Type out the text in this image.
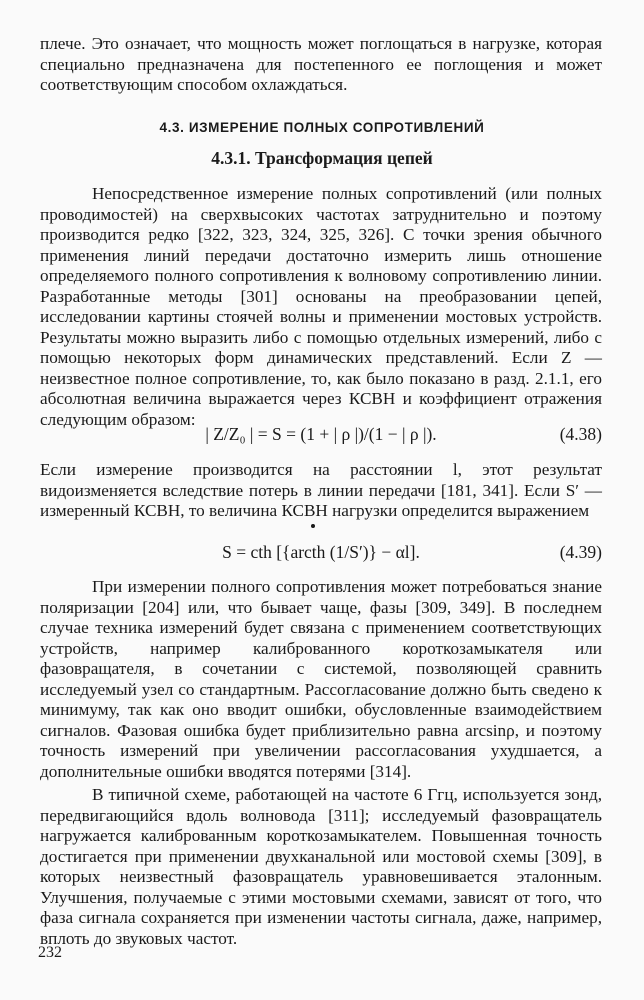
плече. Это означает, что мощность может поглощаться в нагрузке, которая специально предназначена для постепенного ее поглощения и может соответствующим способом охлаждаться.

4.3. ИЗМЕРЕНИЕ ПОЛНЫХ СОПРОТИВЛЕНИЙ
4.3.1. Трансформация цепей

Непосредственное измерение полных сопротивлений (или полных проводимостей) на сверхвысоких частотах затруднительно и поэтому производится редко [322, 323, 324, 325, 326]. С точки зрения обычного применения линий передачи достаточно измерить лишь отношение определяемого полного сопротивления к волновому сопротивлению линии. Разработанные методы [301] основаны на преобразовании цепей, исследовании картины стоячей волны и применении мостовых устройств. Результаты можно выразить либо с помощью отдельных измерений, либо с помощью некоторых форм динамических представлений. Если Z — неизвестное полное сопротивление, то, как было показано в разд. 2.1.1, его абсолютная величина выражается через КСВН и коэффициент отражения следующим образом:

| Z/Z₀ | = S = (1 + | ρ |)/(1 − | ρ |).	(4.38)

Если измерение производится на расстоянии l, этот результат видоизменяется вследствие потерь в линии передачи [181, 341]. Если S′ — измеренный КСВН, то величина КСВН нагрузки определится выражением

S = cth [{arcth (1/S′)} − αl].	(4.39)

При измерении полного сопротивления может потребоваться знание поляризации [204] или, что бывает чаще, фазы [309, 349]. В последнем случае техника измерений будет связана с применением соответствующих устройств, например калиброванного короткозамыкателя или фазовращателя, в сочетании с системой, позволяющей сравнить исследуемый узел со стандартным. Рассогласование должно быть сведено к минимуму, так как оно вводит ошибки, обусловленные взаимодействием сигналов. Фазовая ошибка будет приблизительно равна arcsinρ, и поэтому точность измерений при увеличении рассогласования ухудшается, а дополнительные ошибки вводятся потерями [314].

В типичной схеме, работающей на частоте 6 Ггц, используется зонд, передвигающийся вдоль волновода [311]; исследуемый фазовращатель нагружается калиброванным короткозамыкателем. Повышенная точность достигается при применении двухканальной или мостовой схемы [309], в которых неизвестный фазовращатель уравновешивается эталонным. Улучшения, получаемые с этими мостовыми схемами, зависят от того, что фаза сигнала сохраняется при изменении частоты сигнала, даже, например, вплоть до звуковых частот.

232
